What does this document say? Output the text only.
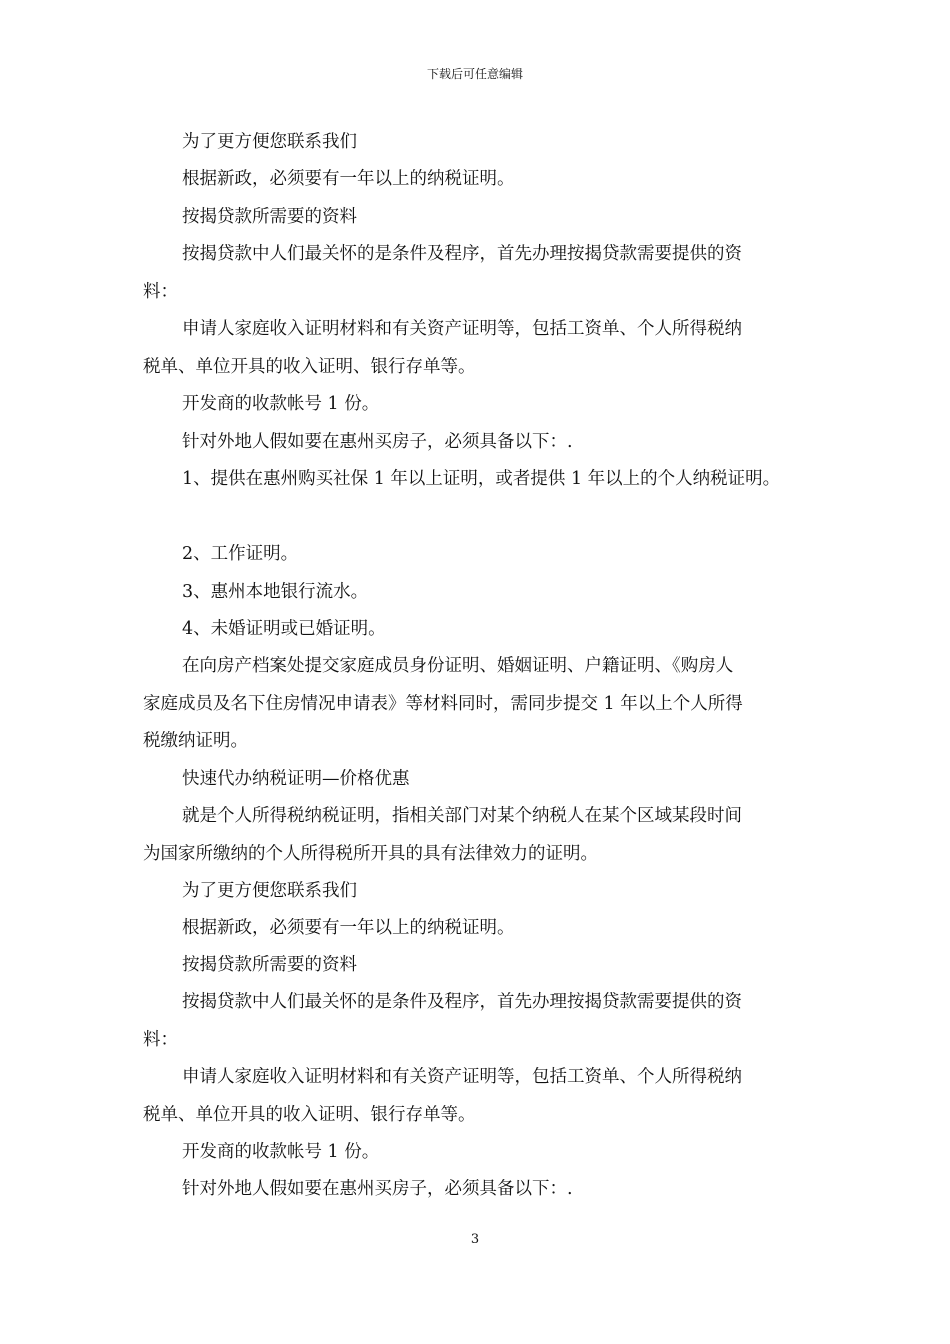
下载后可任意编辑
为了更方便您联系我们
根据新政，必须要有一年以上的纳税证明。
按揭贷款所需要的资料
按揭贷款中人们最关怀的是条件及程序，首先办理按揭贷款需要提供的资
料：
申请人家庭收入证明材料和有关资产证明等，包括工资单、个人所得税纳
税单、单位开具的收入证明、银行存单等。
开发商的收款帐号 1 份。
针对外地人假如要在惠州买房子，必须具备以下：.
1、提供在惠州购买社保 1 年以上证明，或者提供 1 年以上的个人纳税证明。
2、工作证明。
3、惠州本地银行流水。
4、未婚证明或已婚证明。
在向房产档案处提交家庭成员身份证明、婚姻证明、户籍证明、《购房人
家庭成员及名下住房情况申请表》等材料同时，需同步提交 1 年以上个人所得
税缴纳证明。
快速代办纳税证明—价格优惠
就是个人所得税纳税证明，指相关部门对某个纳税人在某个区域某段时间
为国家所缴纳的个人所得税所开具的具有法律效力的证明。
为了更方便您联系我们
根据新政，必须要有一年以上的纳税证明。
按揭贷款所需要的资料
按揭贷款中人们最关怀的是条件及程序，首先办理按揭贷款需要提供的资
料：
申请人家庭收入证明材料和有关资产证明等，包括工资单、个人所得税纳
税单、单位开具的收入证明、银行存单等。
开发商的收款帐号 1 份。
针对外地人假如要在惠州买房子，必须具备以下：.
3
